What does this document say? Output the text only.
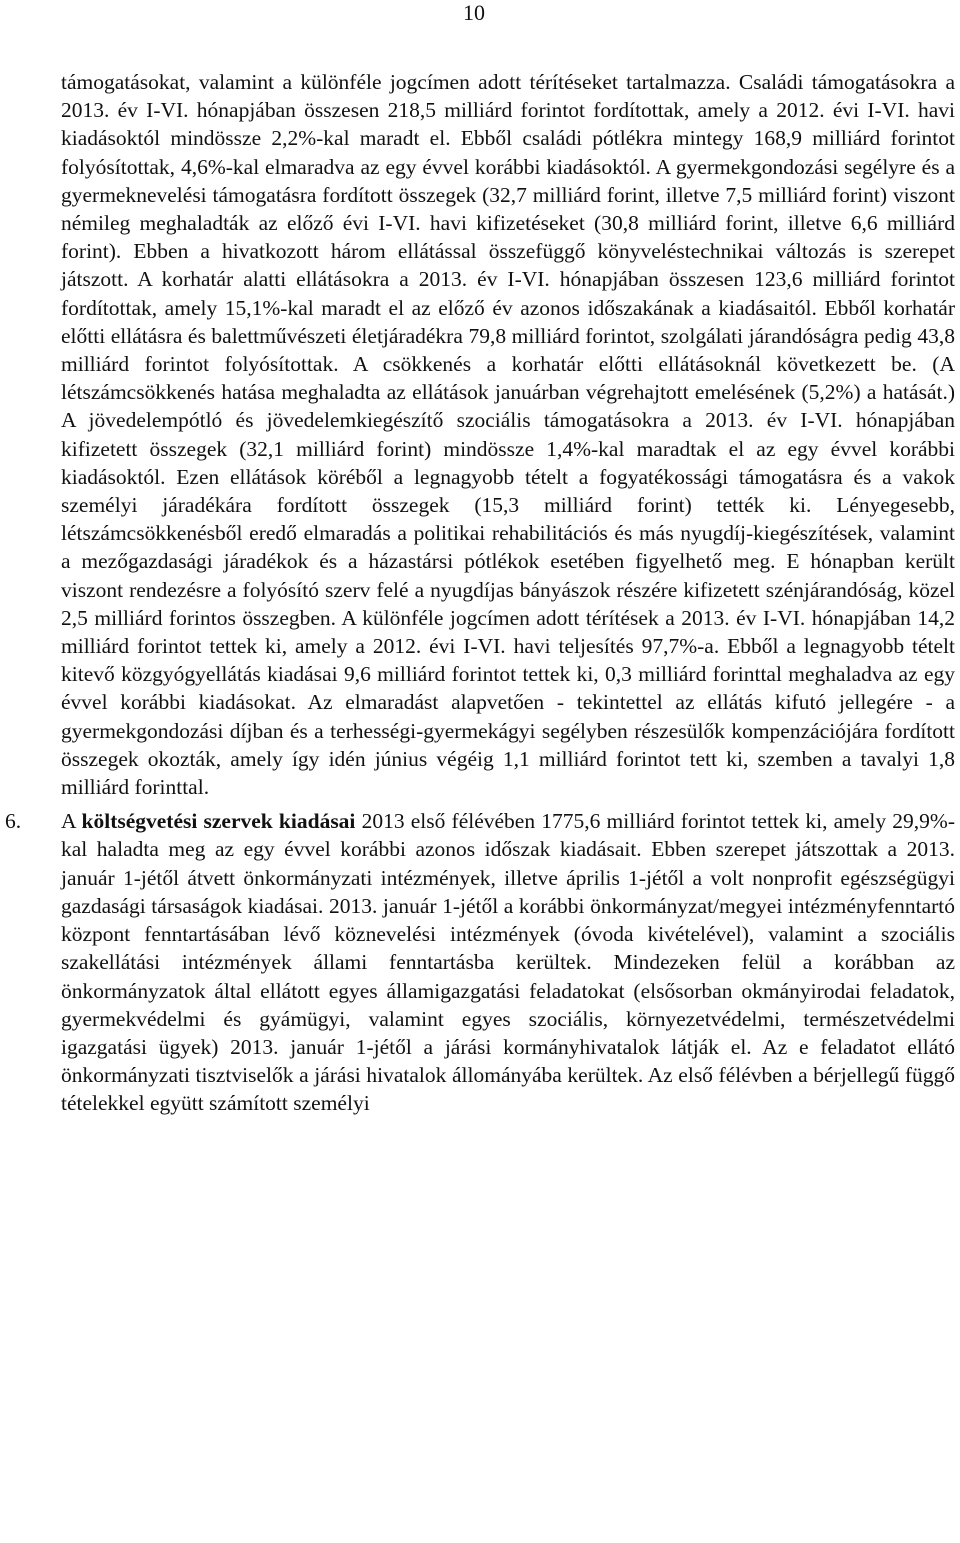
10

támogatásokat, valamint a különféle jogcímen adott térítéseket tartalmazza. Családi támogatásokra a 2013. év I-VI. hónapjában összesen 218,5 milliárd forintot fordítottak, amely a 2012. évi I-VI. havi kiadásoktól mindössze 2,2%-kal maradt el. Ebből családi pótlékra mintegy 168,9 milliárd forintot folyósítottak, 4,6%-kal elmaradva az egy évvel korábbi kiadásoktól. A gyermekgondozási segélyre és a gyermeknevelési támogatásra fordított összegek (32,7 milliárd forint, illetve 7,5 milliárd forint) viszont némileg meghaladták az előző évi I-VI. havi kifizetéseket (30,8 milliárd forint, illetve 6,6 milliárd forint). Ebben a hivatkozott három ellátással összefüggő könyveléstechnikai változás is szerepet játszott. A korhatár alatti ellátásokra a 2013. év I-VI. hónapjában összesen 123,6 milliárd forintot fordítottak, amely 15,1%-kal maradt el az előző év azonos időszakának a kiadásaitól. Ebből korhatár előtti ellátásra és balettművészeti életjáradékra 79,8 milliárd forintot, szolgálati járandóságra pedig 43,8 milliárd forintot folyósítottak. A csökkenés a korhatár előtti ellátásoknál következett be. (A létszámcsökkenés hatása meghaladta az ellátások januárban végrehajtott emelésének (5,2%) a hatását.) A jövedelempótló és jövedelemkiegészítő szociális támogatásokra a 2013. év I-VI. hónapjában kifizetett összegek (32,1 milliárd forint) mindössze 1,4%-kal maradtak el az egy évvel korábbi kiadásoktól. Ezen ellátások köréből a legnagyobb tételt a fogyatékossági támogatásra és a vakok személyi járadékára fordított összegek (15,3 milliárd forint) tették ki. Lényegesebb, létszámcsökkenésből eredő elmaradás a politikai rehabilitációs és más nyugdíj-kiegészítések, valamint a mezőgazdasági járadékok és a házastársi pótlékok esetében figyelhető meg. E hónapban került viszont rendezésre a folyósító szerv felé a nyugdíjas bányászok részére kifizetett szénjárandóság, közel 2,5 milliárd forintos összegben. A különféle jogcímen adott térítések a 2013. év I-VI. hónapjában 14,2 milliárd forintot tettek ki, amely a 2012. évi I-VI. havi teljesítés 97,7%-a. Ebből a legnagyobb tételt kitevő közgyógyellátás kiadásai 9,6 milliárd forintot tettek ki, 0,3 milliárd forinttal meghaladva az egy évvel korábbi kiadásokat. Az elmaradást alapvetően - tekintettel az ellátás kifutó jellegére - a gyermekgondozási díjban és a terhességi-gyermekágyi segélyben részesülők kompenzációjára fordított összegek okozták, amely így idén június végéig 1,1 milliárd forintot tett ki, szemben a tavalyi 1,8 milliárd forinttal.

6. A költségvetési szervek kiadásai 2013 első félévében 1775,6 milliárd forintot tettek ki, amely 29,9%-kal haladta meg az egy évvel korábbi azonos időszak kiadásait. Ebben szerepet játszottak a 2013. január 1-jétől átvett önkormányzati intézmények, illetve április 1-jétől a volt nonprofit egészségügyi gazdasági társaságok kiadásai. 2013. január 1-jétől a korábbi önkormányzat/megyei intézményfenntartó központ fenntartásában lévő köznevelési intézmények (óvoda kivételével), valamint a szociális szakellátási intézmények állami fenntartásba kerültek. Mindezeken felül a korábban az önkormányzatok által ellátott egyes államigazgatási feladatokat (elsősorban okmányirodai feladatok, gyermekvédelmi és gyámügyi, valamint egyes szociális, környezetvédelmi, természetvédelmi igazgatási ügyek) 2013. január 1-jétől a járási kormányhivatalok látják el. Az e feladatot ellátó önkormányzati tisztviselők a járási hivatalok állományába kerültek. Az első félévben a bérjellegű függő tételekkel együtt számított személyi
